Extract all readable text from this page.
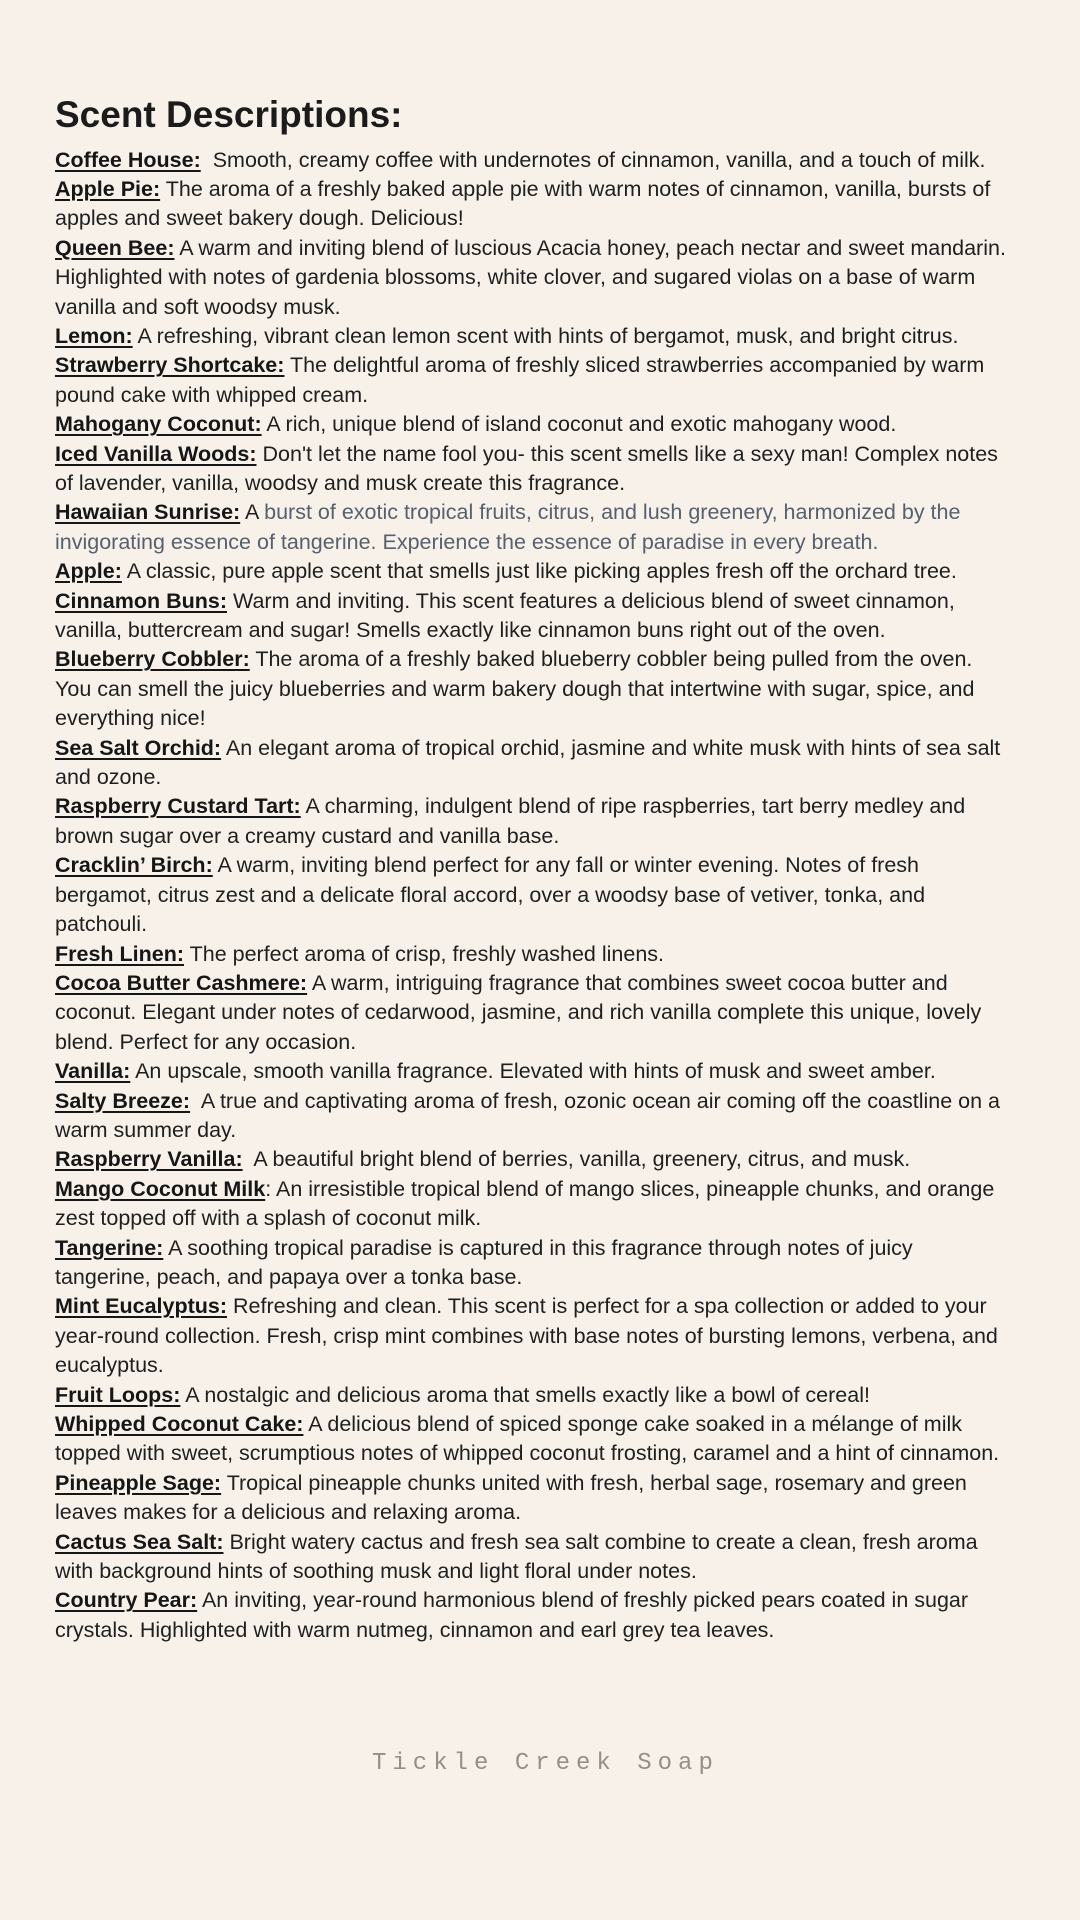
Scent Descriptions:

Coffee House: Smooth, creamy coffee with undernotes of cinnamon, vanilla, and a touch of milk.

Apple Pie: The aroma of a freshly baked apple pie with warm notes of cinnamon, vanilla, bursts of apples and sweet bakery dough. Delicious!

Queen Bee: A warm and inviting blend of luscious Acacia honey, peach nectar and sweet mandarin. Highlighted with notes of gardenia blossoms, white clover, and sugared violas on a base of warm vanilla and soft woodsy musk.

Lemon: A refreshing, vibrant clean lemon scent with hints of bergamot, musk, and bright citrus.

Strawberry Shortcake: The delightful aroma of freshly sliced strawberries accompanied by warm pound cake with whipped cream.

Mahogany Coconut: A rich, unique blend of island coconut and exotic mahogany wood.

Iced Vanilla Woods: Don't let the name fool you- this scent smells like a sexy man! Complex notes of lavender, vanilla, woodsy and musk create this fragrance.

Hawaiian Sunrise: A burst of exotic tropical fruits, citrus, and lush greenery, harmonized by the invigorating essence of tangerine. Experience the essence of paradise in every breath.

Apple: A classic, pure apple scent that smells just like picking apples fresh off the orchard tree.

Cinnamon Buns: Warm and inviting. This scent features a delicious blend of sweet cinnamon, vanilla, buttercream and sugar! Smells exactly like cinnamon buns right out of the oven.

Blueberry Cobbler: The aroma of a freshly baked blueberry cobbler being pulled from the oven. You can smell the juicy blueberries and warm bakery dough that intertwine with sugar, spice, and everything nice!

Sea Salt Orchid: An elegant aroma of tropical orchid, jasmine and white musk with hints of sea salt and ozone.

Raspberry Custard Tart: A charming, indulgent blend of ripe raspberries, tart berry medley and brown sugar over a creamy custard and vanilla base.

Cracklin’ Birch: A warm, inviting blend perfect for any fall or winter evening. Notes of fresh bergamot, citrus zest and a delicate floral accord, over a woodsy base of vetiver, tonka, and patchouli.

Fresh Linen: The perfect aroma of crisp, freshly washed linens.

Cocoa Butter Cashmere: A warm, intriguing fragrance that combines sweet cocoa butter and coconut. Elegant under notes of cedarwood, jasmine, and rich vanilla complete this unique, lovely blend. Perfect for any occasion.

Vanilla: An upscale, smooth vanilla fragrance. Elevated with hints of musk and sweet amber.

Salty Breeze: A true and captivating aroma of fresh, ozonic ocean air coming off the coastline on a warm summer day.

Raspberry Vanilla: A beautiful bright blend of berries, vanilla, greenery, citrus, and musk.

Mango Coconut Milk: An irresistible tropical blend of mango slices, pineapple chunks, and orange zest topped off with a splash of coconut milk.

Tangerine: A soothing tropical paradise is captured in this fragrance through notes of juicy tangerine, peach, and papaya over a tonka base.

Mint Eucalyptus: Refreshing and clean. This scent is perfect for a spa collection or added to your year-round collection. Fresh, crisp mint combines with base notes of bursting lemons, verbena, and eucalyptus.

Fruit Loops: A nostalgic and delicious aroma that smells exactly like a bowl of cereal!

Whipped Coconut Cake: A delicious blend of spiced sponge cake soaked in a mélange of milk topped with sweet, scrumptious notes of whipped coconut frosting, caramel and a hint of cinnamon.

Pineapple Sage: Tropical pineapple chunks united with fresh, herbal sage, rosemary and green leaves makes for a delicious and relaxing aroma.

Cactus Sea Salt: Bright watery cactus and fresh sea salt combine to create a clean, fresh aroma with background hints of soothing musk and light floral under notes.

Country Pear: An inviting, year-round harmonious blend of freshly picked pears coated in sugar crystals. Highlighted with warm nutmeg, cinnamon and earl grey tea leaves.

Tickle Creek Soap
